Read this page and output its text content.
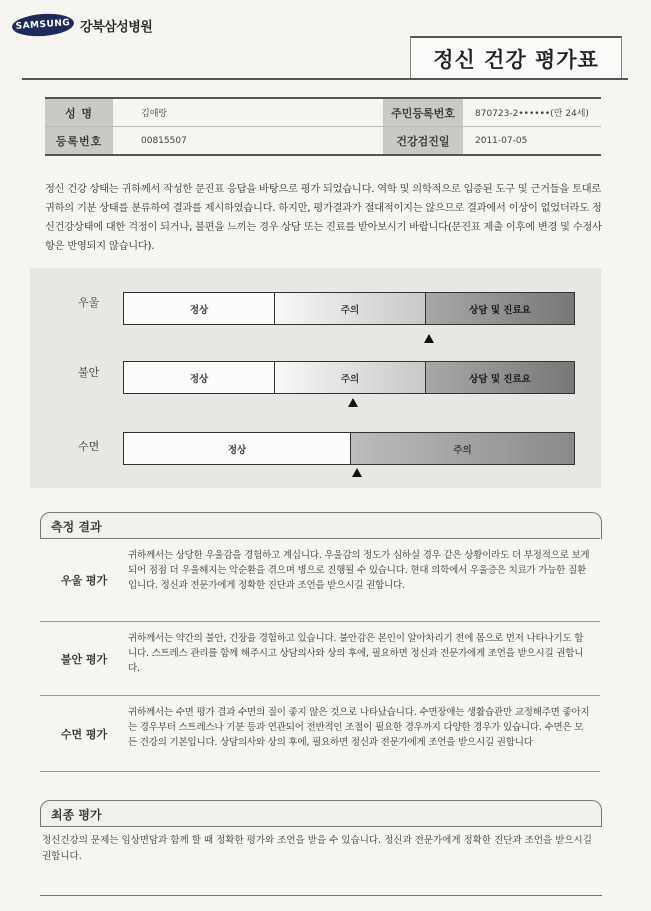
SAMSUNG 강북삼성병원
정신 건강 평가표
성 명	김애랑	주민등록번호	870723-2••••••(만 24세)
등록번호	00815507	건강검진일	2011-07-05
정신 건강 상태는 귀하께서 작성한 문진표 응답을 바탕으로 평가 되었습니다. 역학 및 의학적으로 입증된 도구 및 근거들을 토대로 귀하의 기분 상태를 분류하여 결과를 제시하였습니다. 하지만, 평가결과가 절대적이지는 않으므로 결과에서 이상이 없었더라도 정신건강상태에 대한 걱정이 되거나, 불편을 느끼는 경우 상담 또는 진료를 받아보시기 바랍니다(문진표 제출 이후에 변경 및 수정사항은 반영되지 않습니다).
우울
정상	주의	상담 및 진료요
불안	정상	주의	상담 및 진료요
수면	정상	주의
측정 결과
우울 평가
귀하께서는 상당한 우울감을 경험하고 계십니다. 우울감의 정도가 심하실 경우 같은 상황이라도 더 부정적으로 보게 되어 점점 더 우울해지는 악순환을 겪으며 병으로 진행될 수 있습니다. 현대 의학에서 우울증은 치료가 가능한 질환입니다. 정신과 전문가에게 정확한 진단과 조언을 받으시길 권합니다.
불안 평가
귀하께서는 약간의 불안, 긴장을 경험하고 있습니다. 불안감은 본인이 알아차리기 전에 몸으로 먼저 나타나기도 합니다. 스트레스 관리를 함께 해주시고 상담의사와 상의 후에, 필요하면 정신과 전문가에게 조언을 받으시길 권합니다.
수면 평가
귀하께서는 수면 평가 결과 수면의 질이 좋지 않은 것으로 나타났습니다. 수면장애는 생활습관만 교정해주면 좋아지는 경우부터 스트레스나 기분 등과 연관되어 전반적인 조절이 필요한 경우까지 다양한 경우가 있습니다. 수면은 모든 건강의 기본입니다. 상담의사와 상의 후에, 필요하면 정신과 전문가에게 조언을 받으시길 권합니다
최종 평가
정신건강의 문제는 임상면담과 함께 할 때 정확한 평가와 조언을 받을 수 있습니다. 정신과 전문가에게 정확한 진단과 조언을 받으시길 권합니다.
